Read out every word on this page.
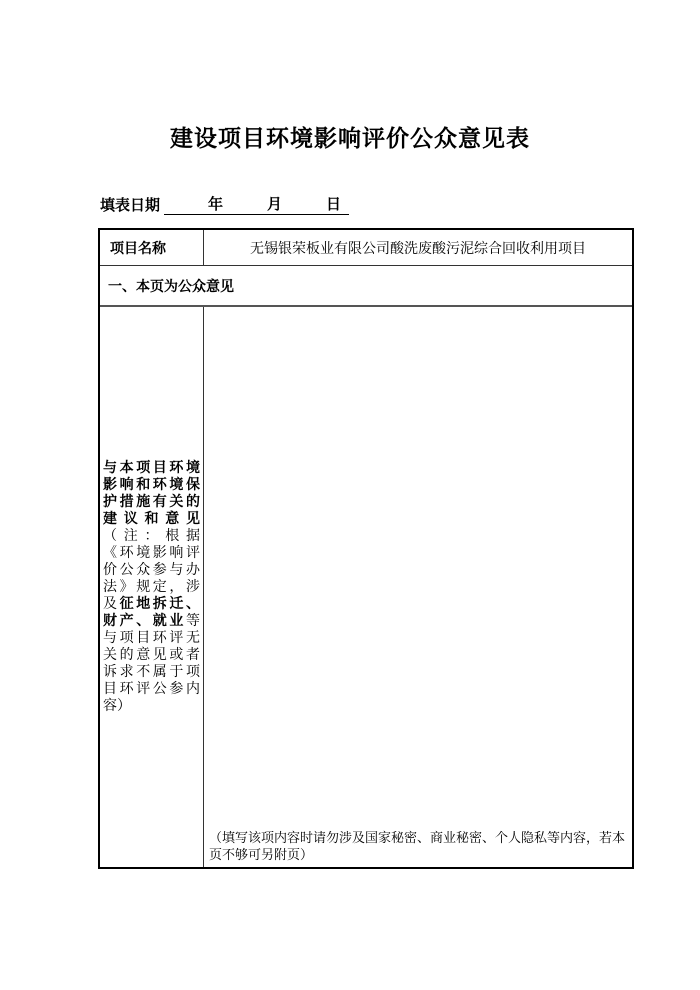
建设项目环境影响评价公众意见表
填表日期	年	月	日
项目名称	无锡银荣板业有限公司酸洗废酸污泥综合回收利用项目
一、本页为公众意见

与本项目环境影响和环境保护措施有关的建议和意见（注：根据《环境影响评价公众参与办法》规定，涉及征地拆迁、财产、就业等与项目环评无关的意见或者诉求不属于项目环评公参内容）

（填写该项内容时请勿涉及国家秘密、商业秘密、个人隐私等内容，若本页不够可另附页）
